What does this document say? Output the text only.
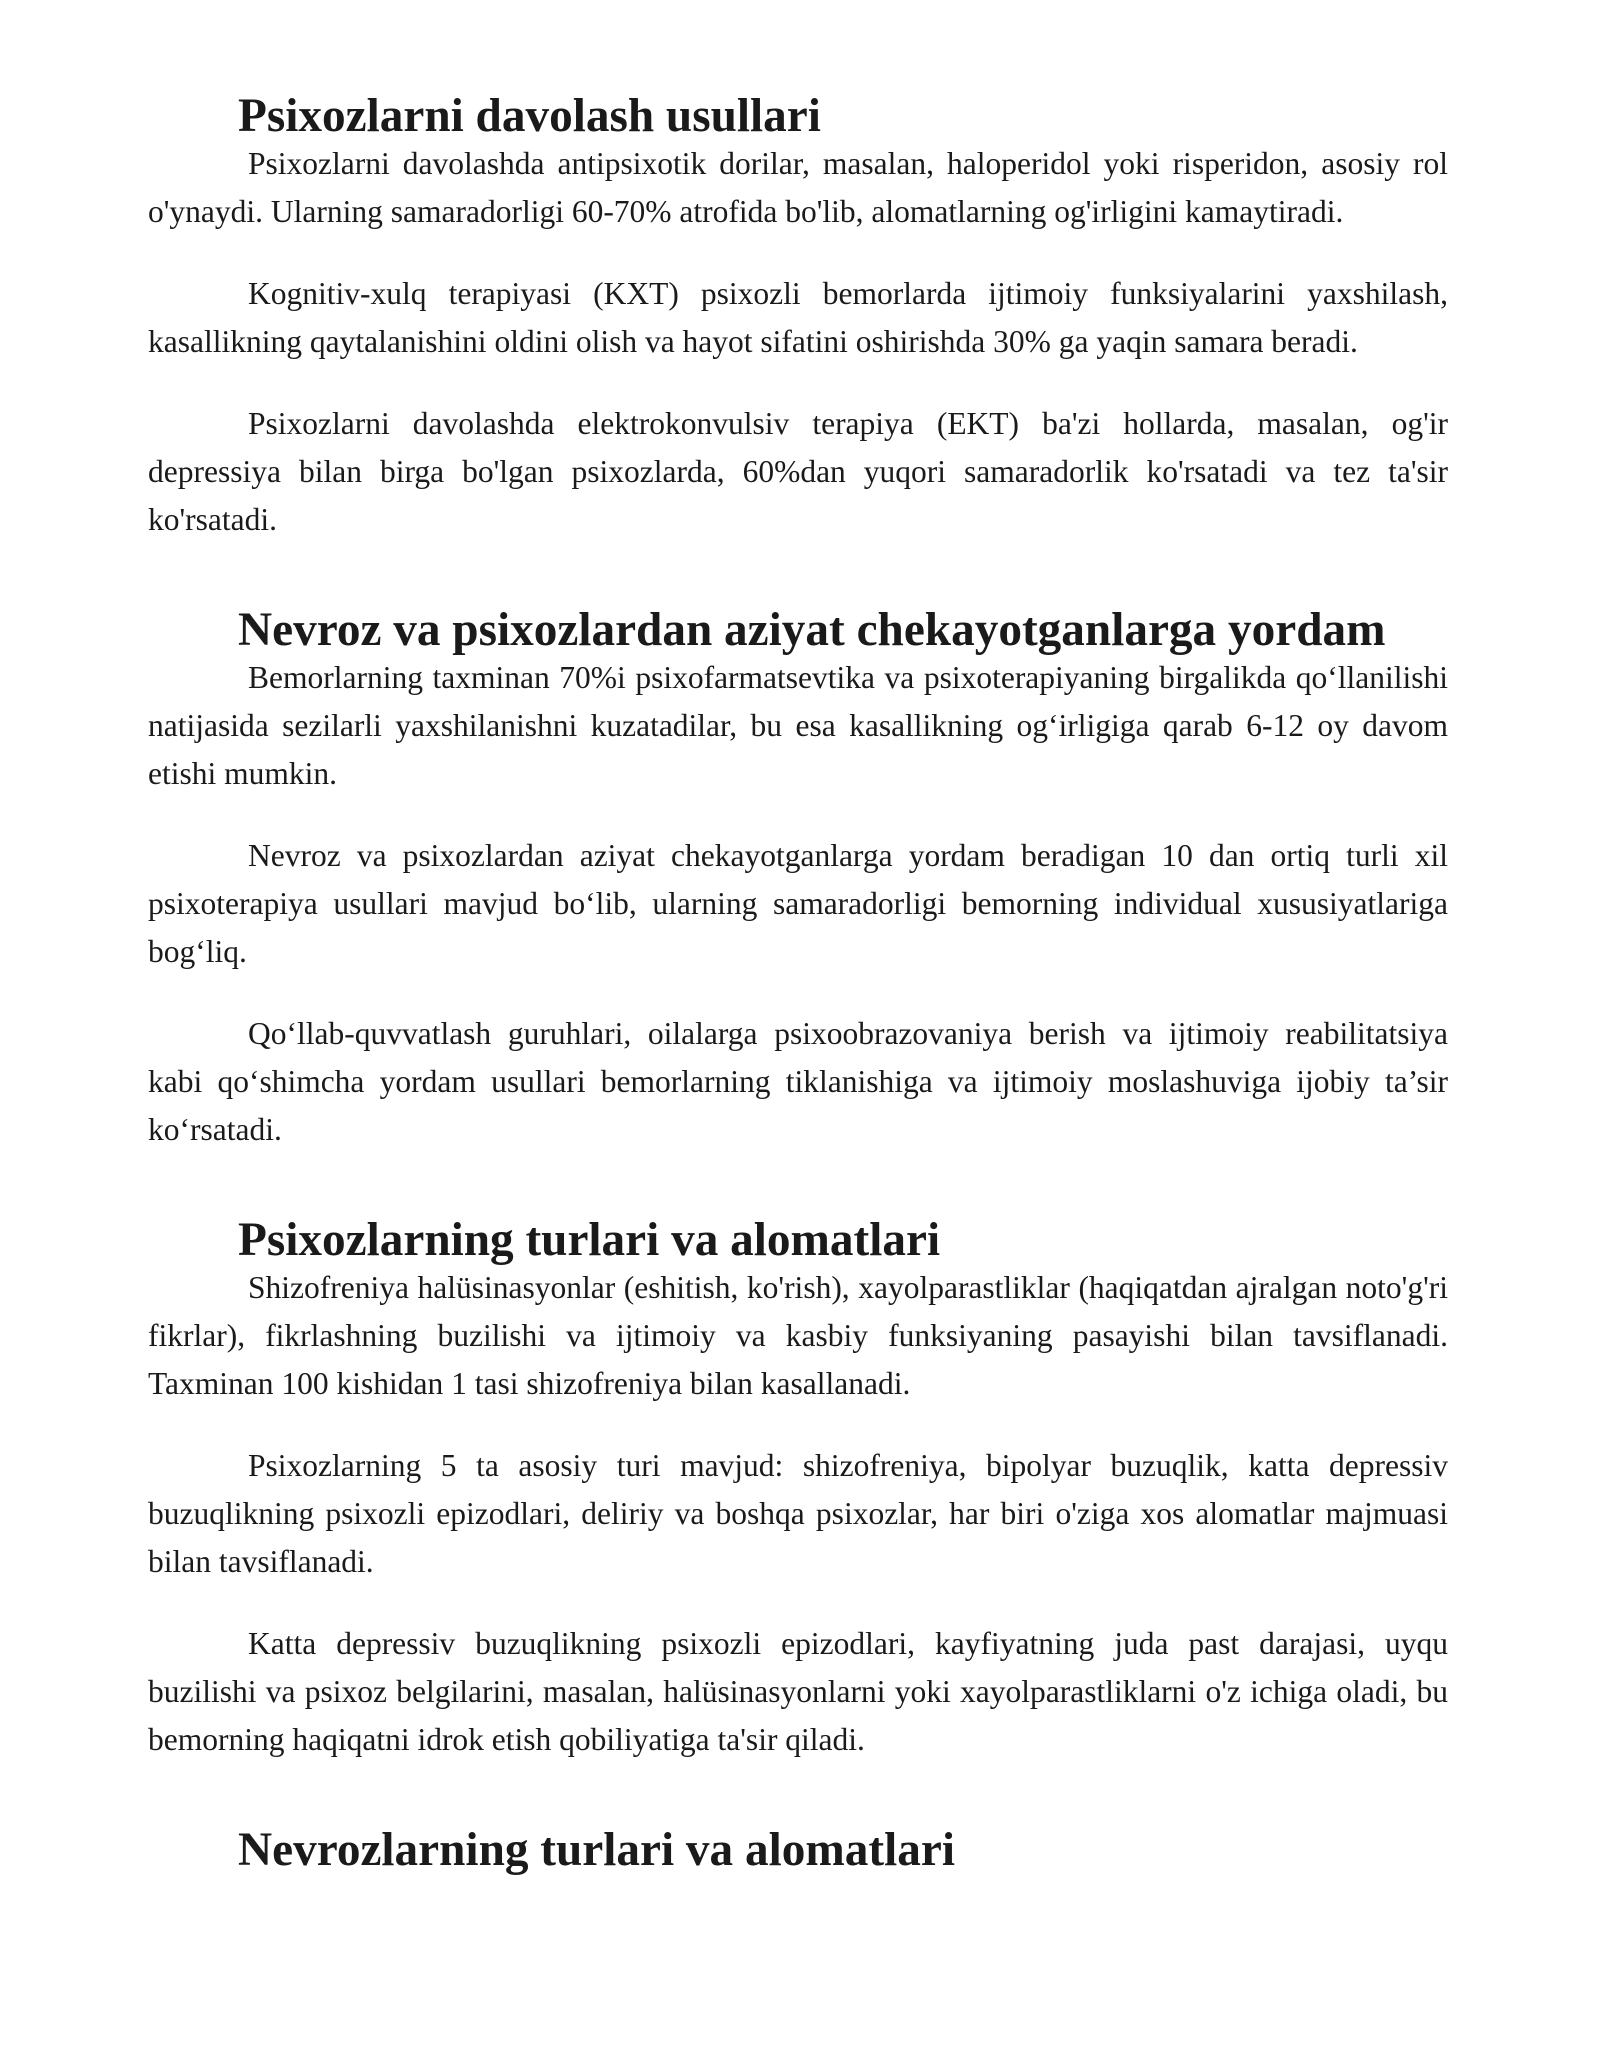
Psixozlarni davolash usullari

Psixozlarni davolashda antipsixotik dorilar, masalan, haloperidol yoki risperidon, asosiy rol o'ynaydi. Ularning samaradorligi 60-70% atrofida bo'lib, alomatlarning og'irligini kamaytiradi.

Kognitiv-xulq terapiyasi (KXT) psixozli bemorlarda ijtimoiy funksiyalarini yaxshilash, kasallikning qaytalanishini oldini olish va hayot sifatini oshirishda 30% ga yaqin samara beradi.

Psixozlarni davolashda elektrokonvulsiv terapiya (EKT) ba'zi hollarda, masalan, og'ir depressiya bilan birga bo'lgan psixozlarda, 60%dan yuqori samaradorlik ko'rsatadi va tez ta'sir ko'rsatadi.

Nevroz va psixozlardan aziyat chekayotganlarga yordam

Bemorlarning taxminan 70%i psixofarmatsevtika va psixoterapiyaning birgalikda qo‘llanilishi natijasida sezilarli yaxshilanishni kuzatadilar, bu esa kasallikning og‘irligiga qarab 6-12 oy davom etishi mumkin.

Nevroz va psixozlardan aziyat chekayotganlarga yordam beradigan 10 dan ortiq turli xil psixoterapiya usullari mavjud bo‘lib, ularning samaradorligi bemorning individual xususiyatlariga bog‘liq.

Qo‘llab-quvvatlash guruhlari, oilalarga psixoobrazovaniya berish va ijtimoiy reabilitatsiya kabi qo‘shimcha yordam usullari bemorlarning tiklanishiga va ijtimoiy moslashuviga ijobiy ta’sir ko‘rsatadi.

Psixozlarning turlari va alomatlari

Shizofreniya halüsinasyonlar (eshitish, ko'rish), xayolparastliklar (haqiqatdan ajralgan noto'g'ri fikrlar), fikrlashning buzilishi va ijtimoiy va kasbiy funksiyaning pasayishi bilan tavsiflanadi. Taxminan 100 kishidan 1 tasi shizofreniya bilan kasallanadi.

Psixozlarning 5 ta asosiy turi mavjud: shizofreniya, bipolyar buzuqlik, katta depressiv buzuqlikning psixozli epizodlari, deliriy va boshqa psixozlar, har biri o'ziga xos alomatlar majmuasi bilan tavsiflanadi.

Katta depressiv buzuqlikning psixozli epizodlari, kayfiyatning juda past darajasi, uyqu buzilishi va psixoz belgilarini, masalan, halüsinasyonlarni yoki xayolparastliklarni o'z ichiga oladi, bu bemorning haqiqatni idrok etish qobiliyatiga ta'sir qiladi.

Nevrozlarning turlari va alomatlari
